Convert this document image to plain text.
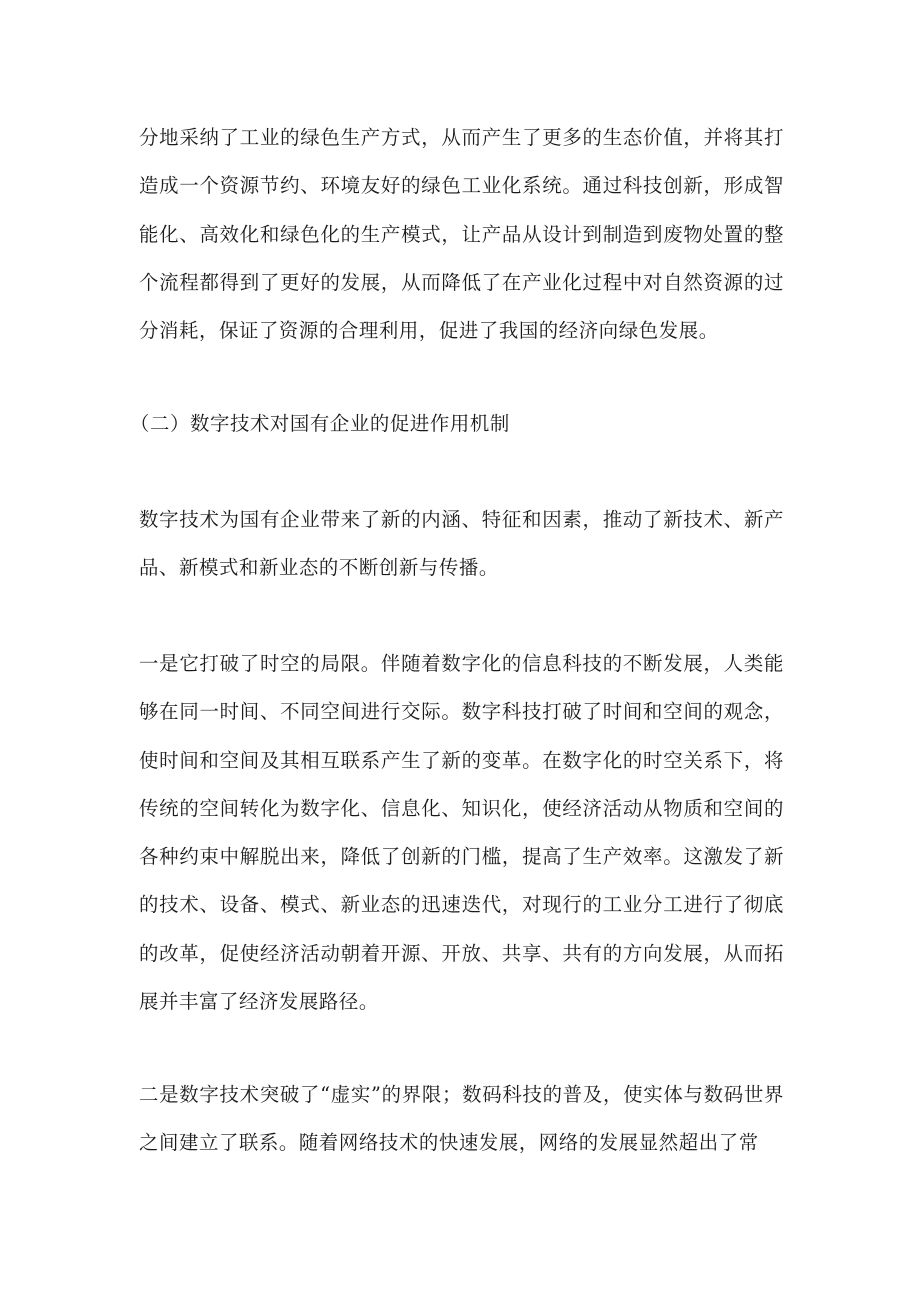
分地采纳了工业的绿色生产方式，从而产生了更多的生态价值，并将其打造成一个资源节约、环境友好的绿色工业化系统。通过科技创新，形成智能化、高效化和绿色化的生产模式，让产品从设计到制造到废物处置的整个流程都得到了更好的发展，从而降低了在产业化过程中对自然资源的过分消耗，保证了资源的合理利用，促进了我国的经济向绿色发展。

（二）数字技术对国有企业的促进作用机制

数字技术为国有企业带来了新的内涵、特征和因素，推动了新技术、新产品、新模式和新业态的不断创新与传播。

一是它打破了时空的局限。伴随着数字化的信息科技的不断发展，人类能够在同一时间、不同空间进行交际。数字科技打破了时间和空间的观念，使时间和空间及其相互联系产生了新的变革。在数字化的时空关系下，将传统的空间转化为数字化、信息化、知识化，使经济活动从物质和空间的各种约束中解脱出来，降低了创新的门槛，提高了生产效率。这激发了新的技术、设备、模式、新业态的迅速迭代，对现行的工业分工进行了彻底的改革，促使经济活动朝着开源、开放、共享、共有的方向发展，从而拓展并丰富了经济发展路径。

二是数字技术突破了“虚实”的界限；数码科技的普及，使实体与数码世界之间建立了联系。随着网络技术的快速发展，网络的发展显然超出了常
